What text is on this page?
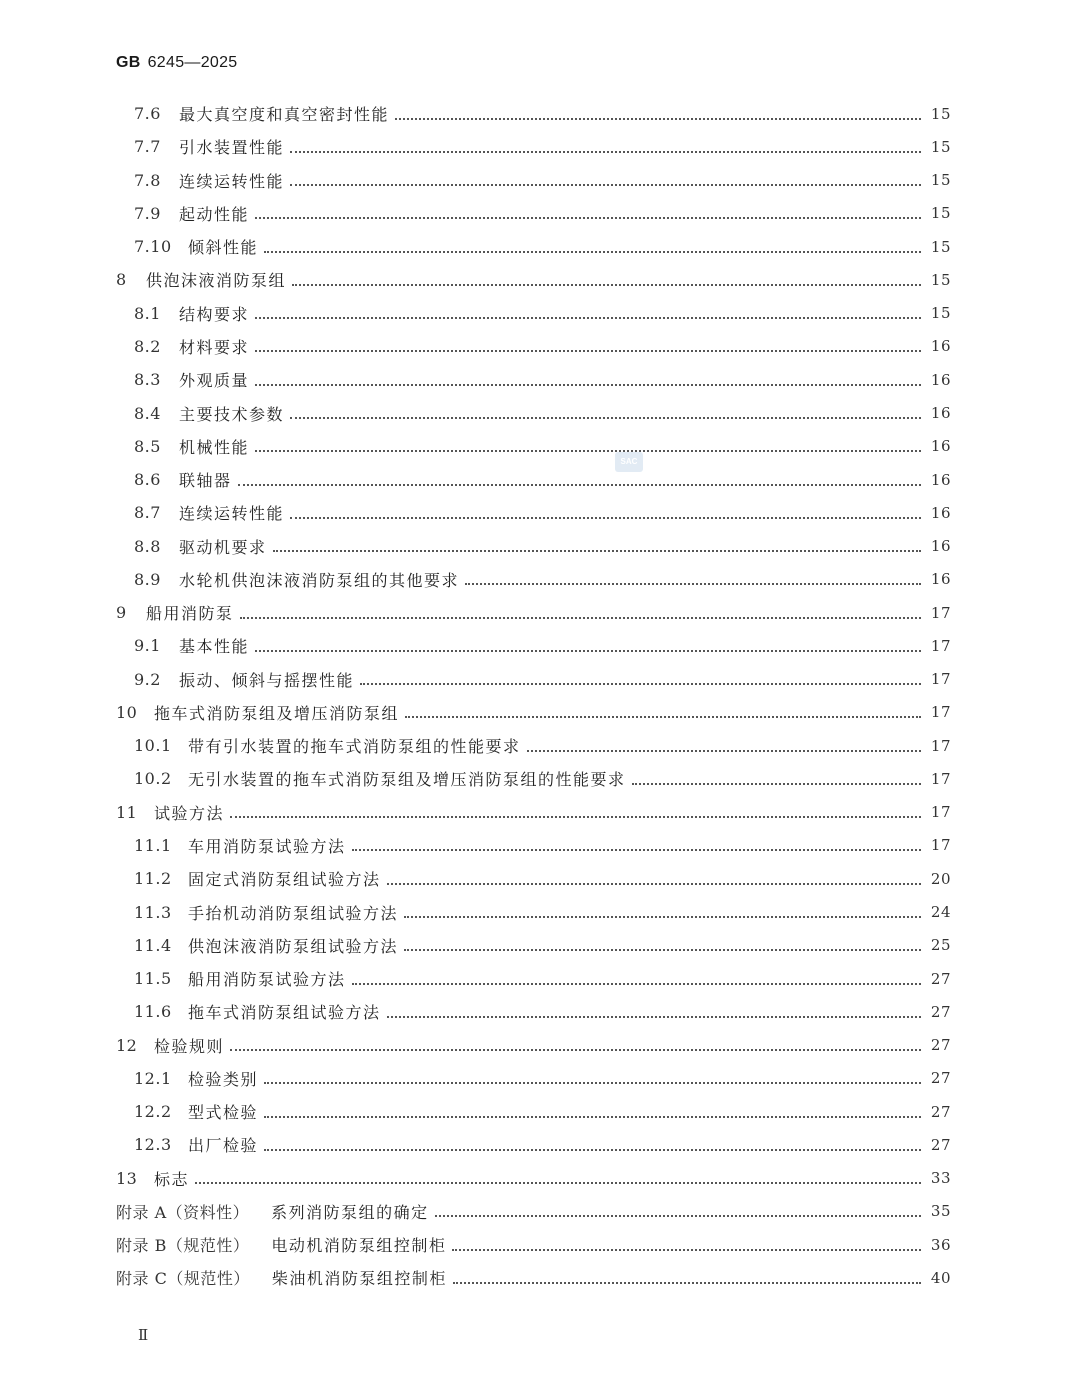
GB 6245—2025
7.6	最大真空度和真空密封性能	15
7.7	引水装置性能	15
7.8	连续运转性能	15
7.9	起动性能	15
7.10	倾斜性能	15
8	供泡沫液消防泵组	15
8.1	结构要求	15
8.2	材料要求	16
8.3	外观质量	16
8.4	主要技术参数	16
8.5	机械性能	16
8.6	联轴器	16
8.7	连续运转性能	16
8.8	驱动机要求	16
8.9	水轮机供泡沫液消防泵组的其他要求	16
9	船用消防泵	17
9.1	基本性能	17
9.2	振动、倾斜与摇摆性能	17
10	拖车式消防泵组及增压消防泵组	17
10.1	带有引水装置的拖车式消防泵组的性能要求	17
10.2	无引水装置的拖车式消防泵组及增压消防泵组的性能要求	17
11	试验方法	17
11.1	车用消防泵试验方法	17
11.2	固定式消防泵组试验方法	20
11.3	手抬机动消防泵组试验方法	24
11.4	供泡沫液消防泵组试验方法	25
11.5	船用消防泵试验方法	27
11.6	拖车式消防泵组试验方法	27
12	检验规则	27
12.1	检验类别	27
12.2	型式检验	27
12.3	出厂检验	27
13	标志	33
附录 A（资料性） 系列消防泵组的确定	35
附录 B（规范性） 电动机消防泵组控制柜	36
附录 C（规范性） 柴油机消防泵组控制柜	40
SAC
Ⅱ
